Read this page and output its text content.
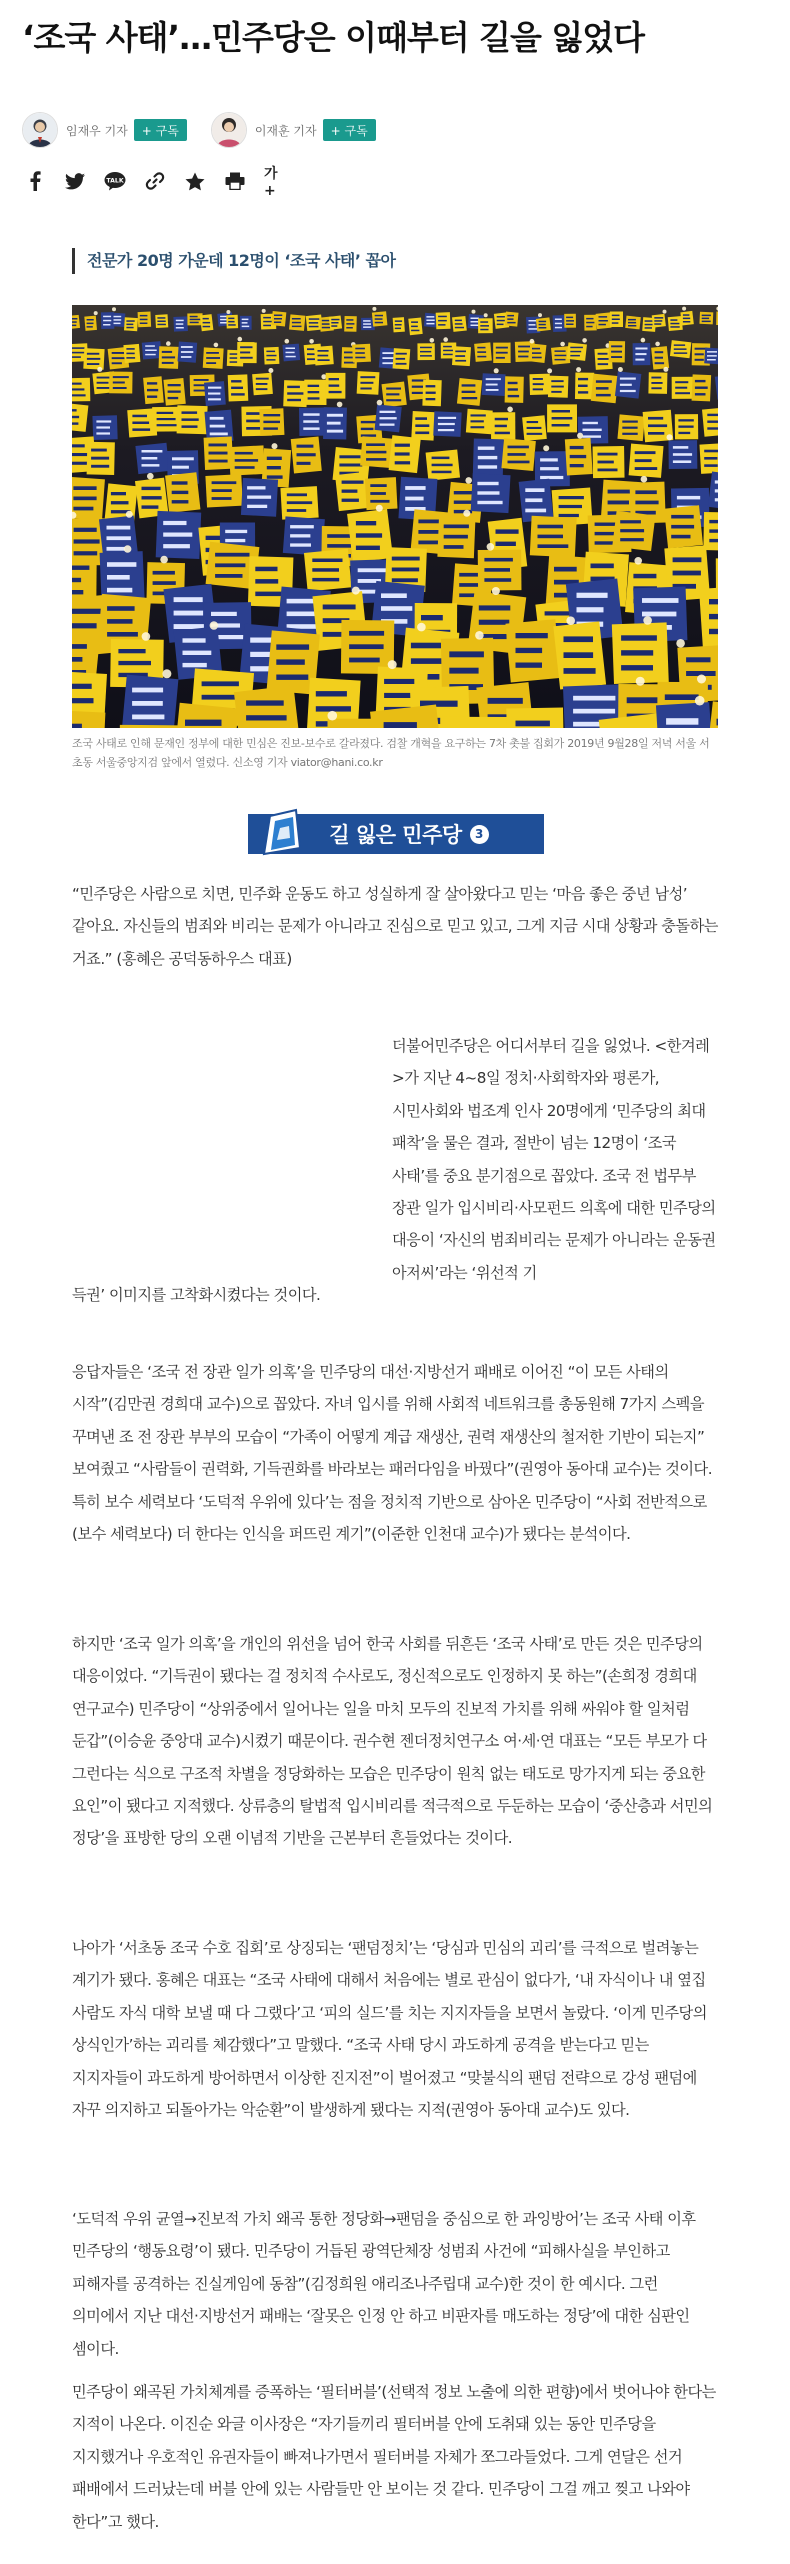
‘조국 사태’…민주당은 이때부터 길을 잃었다
임재우 기자	+ 구독	이재훈 기자	+ 구독
TALK	가+
전문가 20명 가운데 12명이 ‘조국 사태’ 꼽아

조국 사태로 인해 문재인 정부에 대한 민심은 진보-보수로 갈라졌다. 검찰 개혁을 요구하는 7차 촛불 집회가 2019년 9월28일 저녁 서울 서초동 서울중앙지검 앞에서 열렸다. 신소영 기자 viator@hani.co.kr

길 잃은 민주당	3

“민주당은 사람으로 치면, 민주화 운동도 하고 성실하게 잘 살아왔다고 믿는 ‘마음 좋은 중년 남성’ 같아요. 자신들의 범죄와 비리는 문제가 아니라고 진심으로 믿고 있고, 그게 지금 시대 상황과 충돌하는 거죠.” (홍혜은 공덕동하우스 대표)

더불어민주당은 어디서부터 길을 잃었나. <한겨레>가 지난 4~8일 정치·사회학자와 평론가, 시민사회와 법조계 인사 20명에게 ‘민주당의 최대 패착’을 물은 결과, 절반이 넘는 12명이 ‘조국 사태’를 중요 분기점으로 꼽았다. 조국 전 법무부 장관 일가 입시비리·사모펀드 의혹에 대한 민주당의 대응이 ‘자신의 범죄비리는 문제가 아니라는 운동권 아저씨’라는 ‘위선적 기

득권’ 이미지를 고착화시켰다는 것이다.

응답자들은 ‘조국 전 장관 일가 의혹’을 민주당의 대선·지방선거 패배로 이어진 “이 모든 사태의 시작”(김만권 경희대 교수)으로 꼽았다. 자녀 입시를 위해 사회적 네트워크를 총동원해 7가지 스펙을 꾸며낸 조 전 장관 부부의 모습이 “가족이 어떻게 계급 재생산, 권력 재생산의 철저한 기반이 되는지” 보여줬고 “사람들이 권력화, 기득권화를 바라보는 패러다임을 바꿨다”(권영아 동아대 교수)는 것이다. 특히 보수 세력보다 ‘도덕적 우위에 있다’는 점을 정치적 기반으로 삼아온 민주당이 “사회 전반적으로 (보수 세력보다) 더 한다는 인식을 퍼뜨린 계기”(이준한 인천대 교수)가 됐다는 분석이다.

하지만 ‘조국 일가 의혹’을 개인의 위선을 넘어 한국 사회를 뒤흔든 ‘조국 사태’로 만든 것은 민주당의 대응이었다. “기득권이 됐다는 걸 정치적 수사로도, 정신적으로도 인정하지 못 하는”(손희정 경희대 연구교수) 민주당이 “상위중에서 일어나는 일을 마치 모두의 진보적 가치를 위해 싸워야 할 일처럼 둔갑”(이승윤 중앙대 교수)시켰기 때문이다. 권수현 젠더정치연구소 여·세·연 대표는 “모든 부모가 다 그런다는 식으로 구조적 차별을 정당화하는 모습은 민주당이 원칙 없는 태도로 망가지게 되는 중요한 요인”이 됐다고 지적했다. 상류층의 탈법적 입시비리를 적극적으로 두둔하는 모습이 ‘중산층과 서민의 정당’을 표방한 당의 오랜 이념적 기반을 근본부터 흔들었다는 것이다.

나아가 ‘서초동 조국 수호 집회’로 상징되는 ‘팬덤정치’는 ‘당심과 민심의 괴리’를 극적으로 벌려놓는 계기가 됐다. 홍혜은 대표는 “조국 사태에 대해서 처음에는 별로 관심이 없다가, ‘내 자식이나 내 옆집 사람도 자식 대학 보낼 때 다 그랬다’고 ‘피의 실드’를 치는 지지자들을 보면서 놀랐다. ‘이게 민주당의 상식인가’하는 괴리를 체감했다”고 말했다. “조국 사태 당시 과도하게 공격을 받는다고 믿는 지지자들이 과도하게 방어하면서 이상한 진지전”이 벌어졌고 “맞불식의 팬덤 전략으로 강성 팬덤에 자꾸 의지하고 되돌아가는 악순환”이 발생하게 됐다는 지적(권영아 동아대 교수)도 있다.

‘도덕적 우위 균열→진보적 가치 왜곡 통한 정당화→팬덤을 중심으로 한 과잉방어’는 조국 사태 이후 민주당의 ‘행동요령’이 됐다. 민주당이 거듭된 광역단체장 성범죄 사건에 “피해사실을 부인하고 피해자를 공격하는 진실게임에 동참”(김정희원 애리조나주립대 교수)한 것이 한 예시다. 그런 의미에서 지난 대선·지방선거 패배는 ‘잘못은 인정 안 하고 비판자를 매도하는 정당’에 대한 심판인 셈이다.

민주당이 왜곡된 가치체계를 증폭하는 ‘필터버블’(선택적 정보 노출에 의한 편향)에서 벗어나야 한다는 지적이 나온다. 이진순 와글 이사장은 “자기들끼리 필터버블 안에 도취돼 있는 동안 민주당을 지지했거나 우호적인 유권자들이 빠져나가면서 필터버블 자체가 쪼그라들었다. 그게 연달은 선거 패배에서 드러났는데 버블 안에 있는 사람들만 안 보이는 것 같다. 민주당이 그걸 깨고 찢고 나와야 한다”고 했다.
